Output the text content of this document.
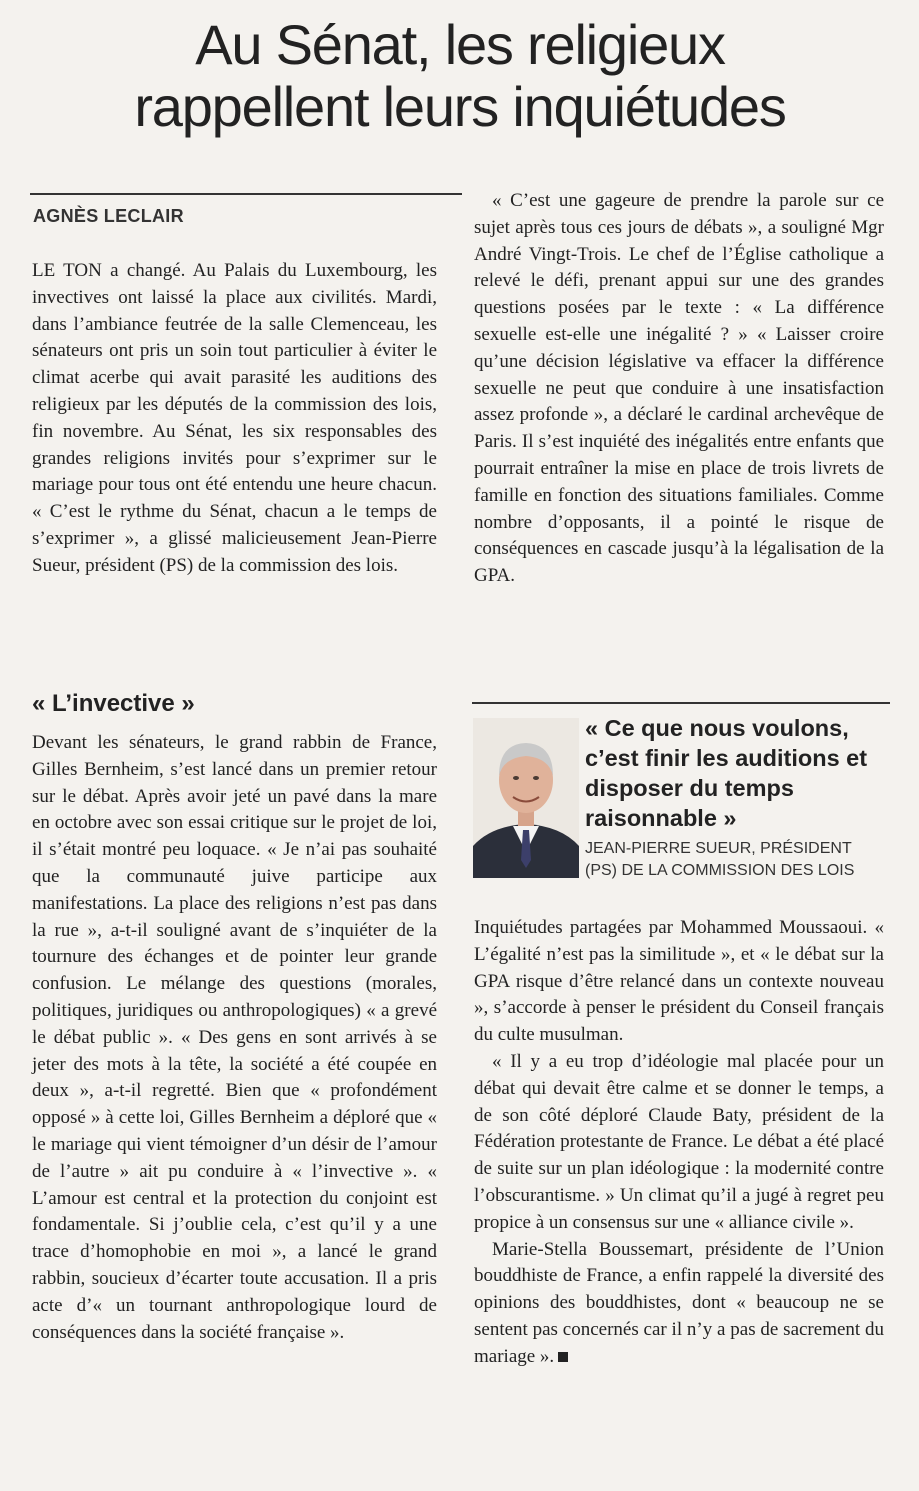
Au Sénat, les religieux
rappellent leurs inquiétudes
AGNÈS LECLAIR

LE TON a changé. Au Palais du Luxembourg, les invectives ont laissé la place aux civilités. Mardi, dans l’ambiance feutrée de la salle Clemenceau, les sénateurs ont pris un soin tout particulier à éviter le climat acerbe qui avait parasité les auditions des religieux par les députés de la commission des lois, fin novembre. Au Sénat, les six responsables des grandes religions invités pour s’exprimer sur le mariage pour tous ont été entendu une heure chacun. « C’est le rythme du Sénat, chacun a le temps de s’exprimer », a glissé malicieusement Jean-Pierre Sueur, président (PS) de la commission des lois.

« L’invective »

Devant les sénateurs, le grand rabbin de France, Gilles Bernheim, s’est lancé dans un premier retour sur le débat. Après avoir jeté un pavé dans la mare en octobre avec son essai critique sur le projet de loi, il s’était montré peu loquace. « Je n’ai pas souhaité que la communauté juive participe aux manifestations. La place des religions n’est pas dans la rue », a-t-il souligné avant de s’inquiéter de la tournure des échanges et de pointer leur grande confusion. Le mélange des questions (morales, politiques, juridiques ou anthropologiques) « a grevé le débat public ». « Des gens en sont arrivés à se jeter des mots à la tête, la société a été coupée en deux », a-t-il regretté. Bien que « profondément opposé » à cette loi, Gilles Bernheim a déploré que « le mariage qui vient témoigner d’un désir de l’amour de l’autre » ait pu conduire à « l’invective ». « L’amour est central et la protection du conjoint est fondamentale. Si j’oublie cela, c’est qu’il y a une trace d’homophobie en moi », a lancé le grand rabbin, soucieux d’écarter toute accusation. Il a pris acte d’« un tournant anthropologique lourd de conséquences dans la société française ».

« C’est une gageure de prendre la parole sur ce sujet après tous ces jours de débats », a souligné Mgr André Vingt-Trois. Le chef de l’Église catholique a relevé le défi, prenant appui sur une des grandes questions posées par le texte : « La différence sexuelle est-elle une inégalité ? » « Laisser croire qu’une décision législative va effacer la différence sexuelle ne peut que conduire à une insatisfaction assez profonde », a déclaré le cardinal archevêque de Paris. Il s’est inquiété des inégalités entre enfants que pourrait entraîner la mise en place de trois livrets de famille en fonction des situations familiales. Comme nombre d’opposants, il a pointé le risque de conséquences en cascade jusqu’à la légalisation de la GPA.

« Ce que nous voulons, c’est finir les auditions et disposer du temps raisonnable »
JEAN-PIERRE SUEUR, PRÉSIDENT (PS) DE LA COMMISSION DES LOIS

Inquiétudes partagées par Mohammed Moussaoui. « L’égalité n’est pas la similitude », et « le débat sur la GPA risque d’être relancé dans un contexte nouveau », s’accorde à penser le président du Conseil français du culte musulman.

« Il y a eu trop d’idéologie mal placée pour un débat qui devait être calme et se donner le temps, a de son côté déploré Claude Baty, président de la Fédération protestante de France. Le débat a été placé de suite sur un plan idéologique : la modernité contre l’obscurantisme. » Un climat qu’il a jugé à regret peu propice à un consensus sur une « alliance civile ».

Marie-Stella Boussemart, présidente de l’Union bouddhiste de France, a enfin rappelé la diversité des opinions des bouddhistes, dont « beaucoup ne se sentent pas concernés car il n’y a pas de sacrement du mariage ».
